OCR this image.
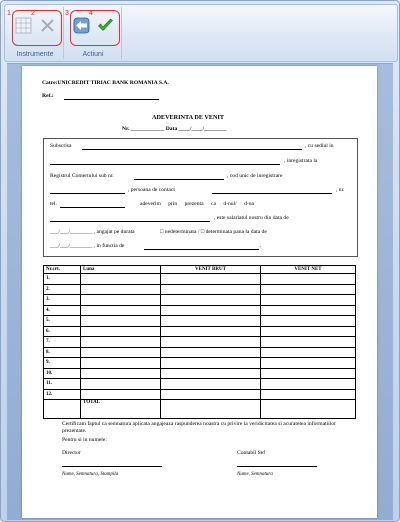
1	2
Instrumente
3	4
Actiuni
Catre:UNICREDIT TIRIAC BANK ROMANIA S.A.
Ref.:
ADEVERINTA DE VENIT
Nr. ____________ Data ____/____/________
Subscrisa	, cu sediul in
, inregistrata la
Registrul Comertului sub nr.	, cod unic de inregistrare
, persoana de contact	, nr.
tel.	adeverim prin prezenta ca d-nul/ d-na
, este salariatul nostru din data de
___/___/________ , angajat pe durata	□ nedeterminata / □ determinata pana la data de
___/___/________ , in functia de	.
Nr.crt.	Luna	VENIT BRUT	VENIT NET
1.			
2.			
3.			
4.			
5.			
6.			
7.			
8.			
9.			
10.			
11.			
12.			
	TOTAL		
Certificam faptul ca semnatura aplicata angajeaza raspunderea noastra cu privire la veridicitatea si acuratetea informatiilor prezentate.
Pentru si in numele:
Director	Contabil Sef
Nume, Semnatura, Stampila	Nume, Semnatura
